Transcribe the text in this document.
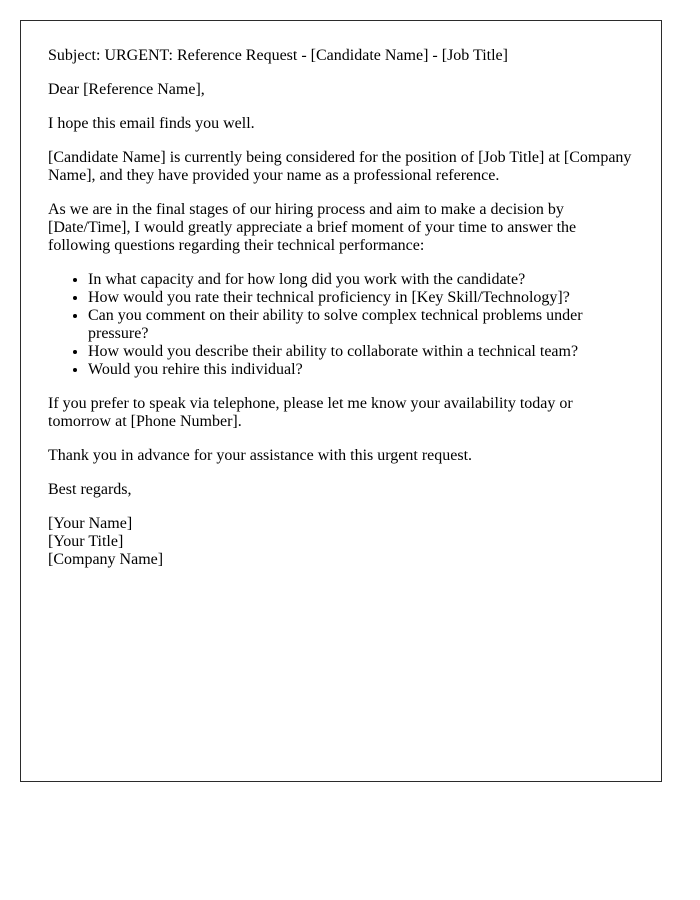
Subject: URGENT: Reference Request - [Candidate Name] - [Job Title]

Dear [Reference Name],

I hope this email finds you well.

[Candidate Name] is currently being considered for the position of [Job Title] at [Company Name], and they have provided your name as a professional reference.

As we are in the final stages of our hiring process and aim to make a decision by [Date/Time], I would greatly appreciate a brief moment of your time to answer the following questions regarding their technical performance:

• In what capacity and for how long did you work with the candidate?
• How would you rate their technical proficiency in [Key Skill/Technology]?
• Can you comment on their ability to solve complex technical problems under pressure?
• How would you describe their ability to collaborate within a technical team?
• Would you rehire this individual?

If you prefer to speak via telephone, please let me know your availability today or tomorrow at [Phone Number].

Thank you in advance for your assistance with this urgent request.

Best regards,

[Your Name]
[Your Title]
[Company Name]
